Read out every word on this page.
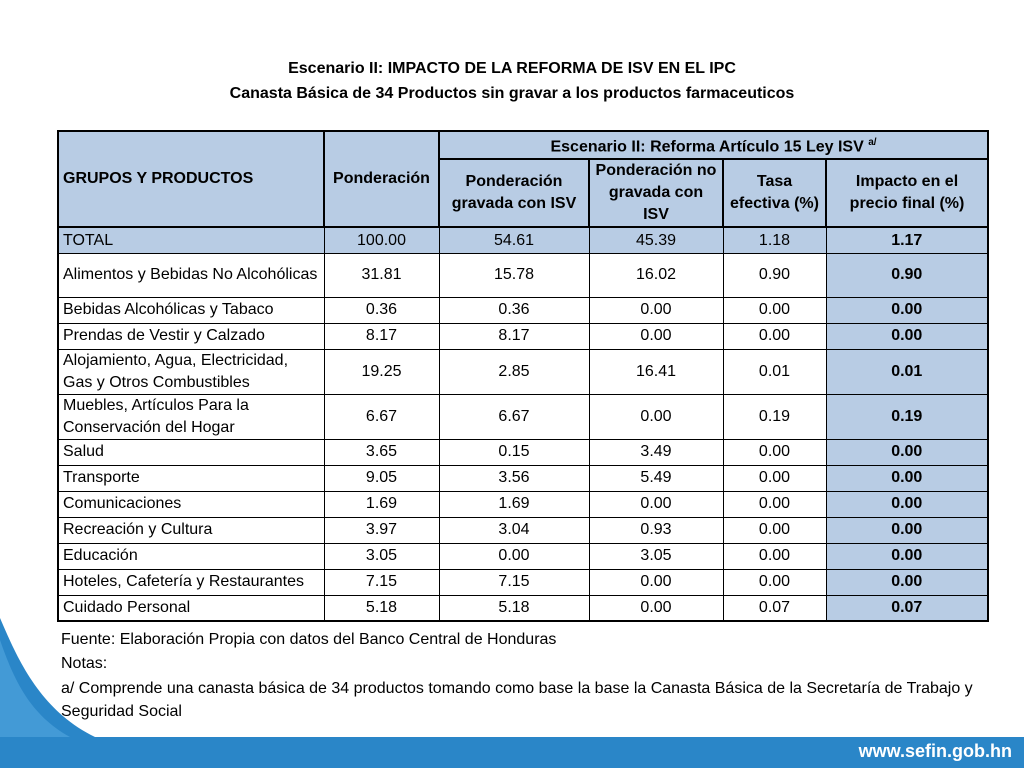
Escenario II: IMPACTO DE LA REFORMA DE ISV EN EL IPC
Canasta Básica de 34 Productos sin gravar a los productos farmaceuticos
GRUPOS Y PRODUCTOS	Ponderación	Escenario II: Reforma Artículo 15 Ley ISV $^{a/}$
		Ponderación gravada con ISV	Ponderación no gravada con ISV	Tasa efectiva (%)	Impacto en el precio final (%)
TOTAL	100.00	54.61	45.39	1.18	1.17
Alimentos y Bebidas No Alcohólicas	31.81	15.78	16.02	0.90	0.90
Bebidas Alcohólicas y Tabaco	0.36	0.36	0.00	0.00	0.00
Prendas de Vestir y Calzado	8.17	8.17	0.00	0.00	0.00
Alojamiento, Agua, Electricidad, Gas y Otros Combustibles	19.25	2.85	16.41	0.01	0.01
Muebles, Artículos Para la Conservación del Hogar	6.67	6.67	0.00	0.19	0.19
Salud	3.65	0.15	3.49	0.00	0.00
Transporte	9.05	3.56	5.49	0.00	0.00
Comunicaciones	1.69	1.69	0.00	0.00	0.00
Recreación y Cultura	3.97	3.04	0.93	0.00	0.00
Educación	3.05	0.00	3.05	0.00	0.00
Hoteles, Cafetería y Restaurantes	7.15	7.15	0.00	0.00	0.00
Cuidado Personal	5.18	5.18	0.00	0.07	0.07
Fuente: Elaboración Propia con datos del Banco Central de Honduras
Notas:
a/ Comprende una canasta básica de 34 productos tomando como base la base la Canasta Básica de la Secretaría de Trabajo y Seguridad Social
www.sefin.gob.hn
